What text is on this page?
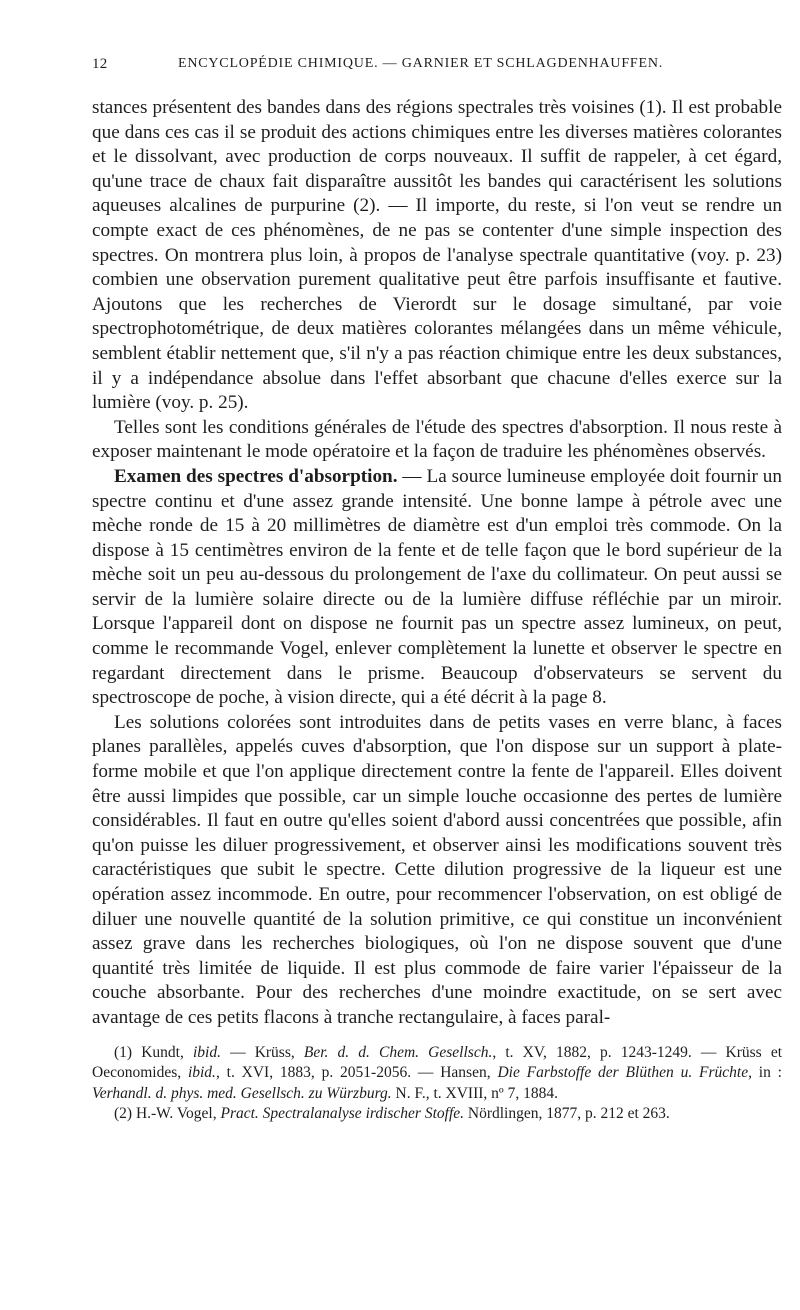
12	ENCYCLOPÉDIE CHIMIQUE. — GARNIER ET SCHLAGDENHAUFFEN.

stances présentent des bandes dans des régions spectrales très voisines (1). Il est probable que dans ces cas il se produit des actions chimiques entre les diverses matières colorantes et le dissolvant, avec production de corps nouveaux. Il suffit de rappeler, à cet égard, qu'une trace de chaux fait disparaître aussitôt les bandes qui caractérisent les solutions aqueuses alcalines de purpurine (2). — Il importe, du reste, si l'on veut se rendre un compte exact de ces phénomènes, de ne pas se contenter d'une simple inspection des spectres. On montrera plus loin, à propos de l'analyse spectrale quantitative (voy. p. 23) combien une observation purement qualitative peut être parfois insuffisante et fautive. Ajoutons que les recherches de Vierordt sur le dosage simultané, par voie spectrophotométrique, de deux matières colorantes mélangées dans un même véhicule, semblent établir nettement que, s'il n'y a pas réaction chimique entre les deux substances, il y a indépendance absolue dans l'effet absorbant que chacune d'elles exerce sur la lumière (voy. p. 25).

Telles sont les conditions générales de l'étude des spectres d'absorption. Il nous reste à exposer maintenant le mode opératoire et la façon de traduire les phénomènes observés.

Examen des spectres d'absorption. — La source lumineuse employée doit fournir un spectre continu et d'une assez grande intensité. Une bonne lampe à pétrole avec une mèche ronde de 15 à 20 millimètres de diamètre est d'un emploi très commode. On la dispose à 15 centimètres environ de la fente et de telle façon que le bord supérieur de la mèche soit un peu au-dessous du prolongement de l'axe du collimateur. On peut aussi se servir de la lumière solaire directe ou de la lumière diffuse réfléchie par un miroir. Lorsque l'appareil dont on dispose ne fournit pas un spectre assez lumineux, on peut, comme le recommande Vogel, enlever complètement la lunette et observer le spectre en regardant directement dans le prisme. Beaucoup d'observateurs se servent du spectroscope de poche, à vision directe, qui a été décrit à la page 8.

Les solutions colorées sont introduites dans de petits vases en verre blanc, à faces planes parallèles, appelés cuves d'absorption, que l'on dispose sur un support à plate-forme mobile et que l'on applique directement contre la fente de l'appareil. Elles doivent être aussi limpides que possible, car un simple louche occasionne des pertes de lumière considérables. Il faut en outre qu'elles soient d'abord aussi concentrées que possible, afin qu'on puisse les diluer progressivement, et observer ainsi les modifications souvent très caractéristiques que subit le spectre. Cette dilution progressive de la liqueur est une opération assez incommode. En outre, pour recommencer l'observation, on est obligé de diluer une nouvelle quantité de la solution primitive, ce qui constitue un inconvénient assez grave dans les recherches biologiques, où l'on ne dispose souvent que d'une quantité très limitée de liquide. Il est plus commode de faire varier l'épaisseur de la couche absorbante. Pour des recherches d'une moindre exactitude, on se sert avec avantage de ces petits flacons à tranche rectangulaire, à faces paral-

(1) Kundt, ibid. — Krüss, Ber. d. d. Chem. Gesellsch., t. XV, 1882, p. 1243-1249. — Krüss et Oeconomides, ibid., t. XVI, 1883, p. 2051-2056. — Hansen, Die Farbstoffe der Blüthen u. Früchte, in : Verhandl. d. phys. med. Gesellsch. zu Würzburg. N. F., t. XVIII, nº 7, 1884.

(2) H.-W. Vogel, Pract. Spectralanalyse irdischer Stoffe. Nördlingen, 1877, p. 212 et 263.
